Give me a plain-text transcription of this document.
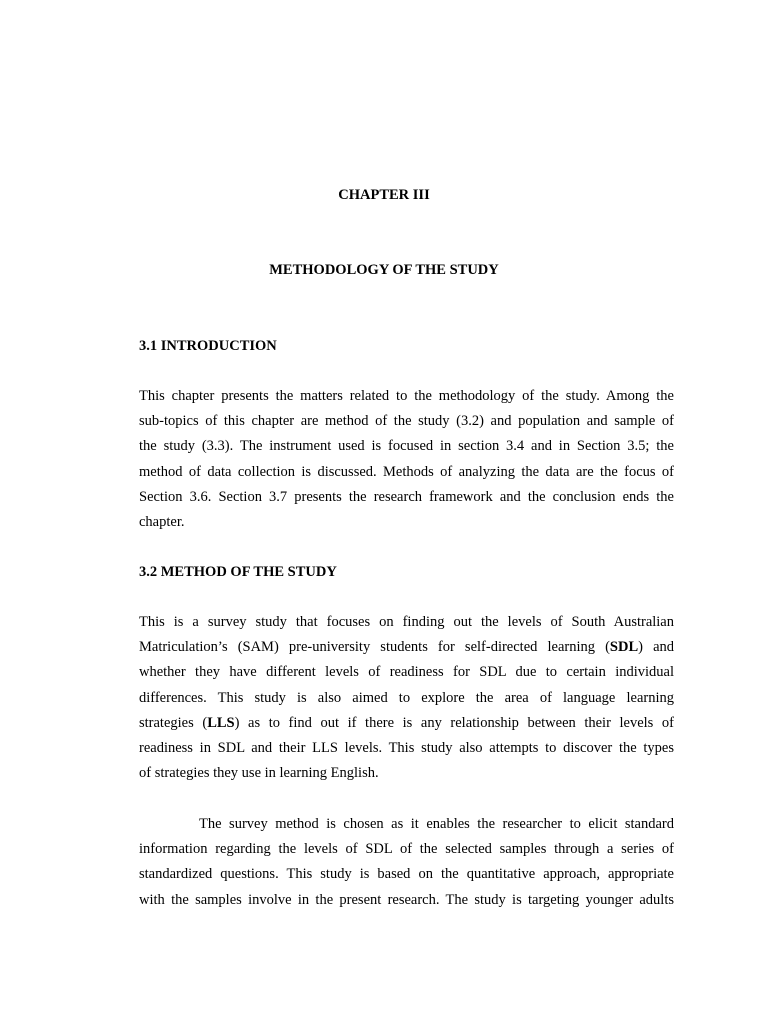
CHAPTER III
METHODOLOGY OF THE STUDY
3.1 INTRODUCTION
This chapter presents the matters related to the methodology of the study. Among the
sub-topics of this chapter are method of the study (3.2) and population and sample of
the study (3.3). The instrument used is focused in section 3.4 and in Section 3.5; the
method of data collection is discussed. Methods of analyzing the data are the focus of
Section 3.6. Section 3.7 presents the research framework and the conclusion ends the
chapter.
3.2 METHOD OF THE STUDY
This is a survey study that focuses on finding out the levels of South Australian
Matriculation’s (SAM) pre-university students for self-directed learning (SDL) and
whether they have different levels of readiness for SDL due to certain individual
differences. This study is also aimed to explore the area of language learning
strategies (LLS) as to find out if there is any relationship between their levels of
readiness in SDL and their LLS levels. This study also attempts to discover the types
of strategies they use in learning English.
The survey method is chosen as it enables the researcher to elicit standard
information regarding the levels of SDL of the selected samples through a series of
standardized questions. This study is based on the quantitative approach, appropriate
with the samples involve in the present research. The study is targeting younger adults
